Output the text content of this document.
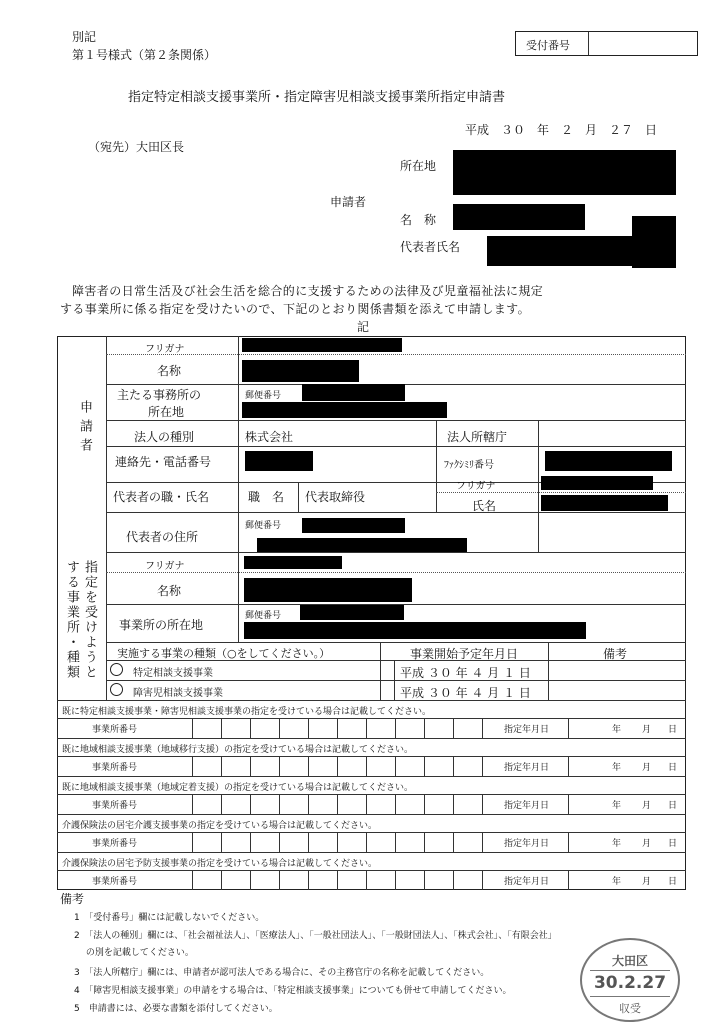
別記
第１号様式（第２条関係）
受付番号
指定特定相談支援事業所・指定障害児相談支援事業所指定申請書
平成　３０　年　２　月　２７　日
（宛先）大田区長
所在地
申請者
名　称
代表者氏名
障害者の日常生活及び社会生活を総合的に支援するための法律及び児童福祉法に規定
する事業所に係る指定を受けたいので、下記のとおり関係書類を添えて申請します。
記
申請者
フリガナ
名称
主たる事務所の
所在地
郵便番号
法人の種別	株式会社	法人所轄庁
連絡先・電話番号	ﾌｧｸｼﾐﾘ番号
代表者の職・氏名	職　名 代表取締役
フリガナ
氏名
代表者の住所
郵便番号
指定を受けようと
する事業所・種類	フリガナ
名称
事業所の所在地
郵便番号
実施する事業の種類（○をしてください。）	事業開始予定年月日	備考
特定相談支援事業	平成 ３０ 年 ４ 月 １ 日
障害児相談支援事業	平成 ３０ 年 ４ 月 １ 日
既に特定相談支援事業・障害児相談支援事業の指定を受けている場合は記載してください。
事業所番号	指定年月日	年 月 日
既に地域相談支援事業（地域移行支援）の指定を受けている場合は記載してください。
事業所番号	指定年月日	年 月 日
既に地域相談支援事業（地域定着支援）の指定を受けている場合は記載してください。
事業所番号	指定年月日	年 月 日
介護保険法の居宅介護支援事業の指定を受けている場合は記載してください。
事業所番号	指定年月日	年 月 日
介護保険法の居宅予防支援事業の指定を受けている場合は記載してください。
事業所番号	指定年月日	年 月 日
備考
1　「受付番号」欄には記載しないでください。
2　「法人の種別」欄には、「社会福祉法人」、「医療法人」、「一般社団法人」、「一般財団法人」、「株式会社」、「有限会社」
　 の別を記載してください。
3　「法人所轄庁」欄には、申請者が認可法人である場合に、その主務官庁の名称を記載してください。
4　「障害児相談支援事業」の申請をする場合は、「特定相談支援事業」についても併せて申請してください。
5　申請書には、必要な書類を添付してください。
大田区
30.2.27
収受
